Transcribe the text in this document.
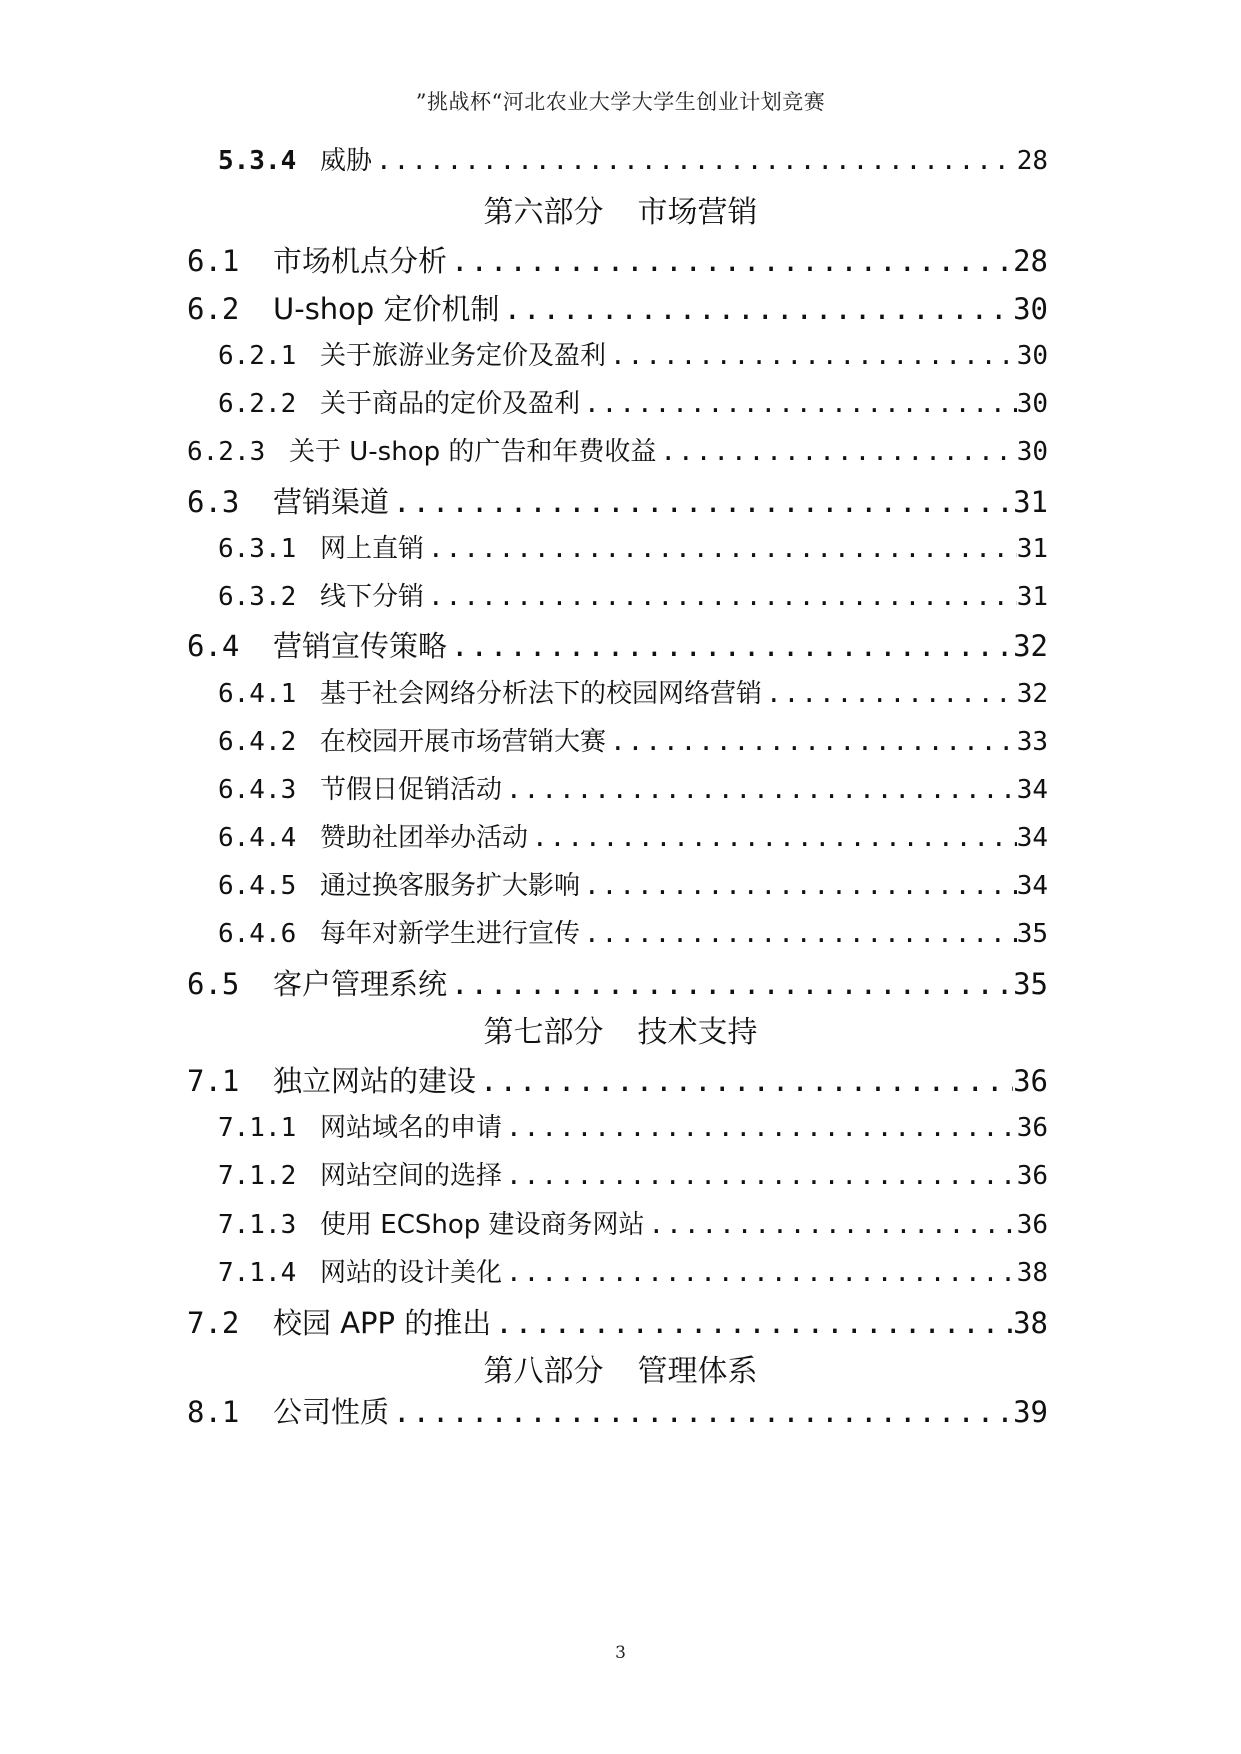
”挑战杯“河北农业大学大学生创业计划竞赛
5.3.4 威胁 .....	28
第六部分 市场营销
6.1	市场机点分析 .....	28
6.2	U-shop 定价机制 .....	30
6.2.1 关于旅游业务定价及盈利 .....	30
6.2.2 关于商品的定价及盈利 .....	30
6.2.3 关于 U-shop 的广告和年费收益 .....	30
6.3	营销渠道 .....	31
6.3.1 网上直销 .....	31
6.3.2 线下分销 .....	31
6.4	营销宣传策略 .....	32
6.4.1 基于社会网络分析法下的校园网络营销 .....	32
6.4.2 在校园开展市场营销大赛 .....	33
6.4.3 节假日促销活动 .....	34
6.4.4 赞助社团举办活动 .....	34
6.4.5 通过换客服务扩大影响 .....	34
6.4.6 每年对新学生进行宣传 .....	35
6.5	客户管理系统 .....	35
第七部分 技术支持
7.1	独立网站的建设 .....	36
7.1.1 网站域名的申请 .....	36
7.1.2 网站空间的选择 .....	36
7.1.3 使用 ECShop 建设商务网站 .....	36
7.1.4 网站的设计美化 .....	38
7.2	校园 APP 的推出 .....	38
第八部分 管理体系
8.1	公司性质 .....	39
3
